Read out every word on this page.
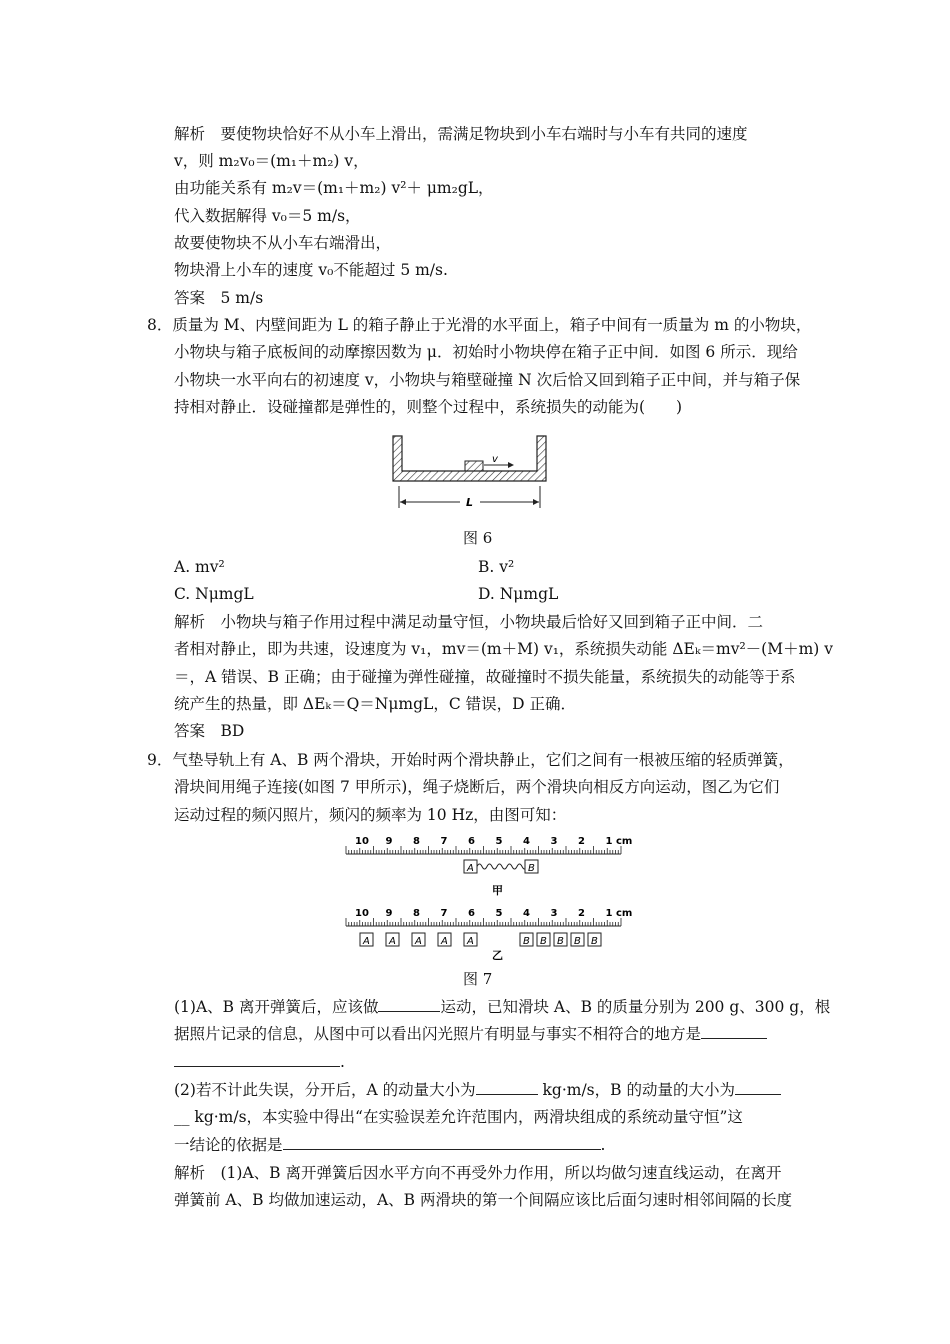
解析　要使物块恰好不从小车上滑出，需满足物块到小车右端时与小车有共同的速度
v，则 m₂v₀＝(m₁＋m₂) v，
由功能关系有 m₂v＝(m₁＋m₂) v²＋ μm₂gL，
代入数据解得 v₀＝5 m/s，
故要使物块不从小车右端滑出，
物块滑上小车的速度 v₀不能超过 5 m/s.
答案　5 m/s
8．质量为 M、内壁间距为 L 的箱子静止于光滑的水平面上，箱子中间有一质量为 m 的小物块，
小物块与箱子底板间的动摩擦因数为 μ．初始时小物块停在箱子正中间．如图 6 所示．现给
小物块一水平向右的初速度 v，小物块与箱壁碰撞 N 次后恰又回到箱子正中间，并与箱子保
持相对静止．设碰撞都是弹性的，则整个过程中，系统损失的动能为(　　)
v
L
图 6
A. mv²	B. v²
C. NμmgL	D. NμmgL
解析　小物块与箱子作用过程中满足动量守恒，小物块最后恰好又回到箱子正中间．二
者相对静止，即为共速，设速度为 v₁，mv＝(m＋M) v₁，系统损失动能 ΔEₖ＝mv²－(M＋m) v
＝，A 错误、B 正确；由于碰撞为弹性碰撞，故碰撞时不损失能量，系统损失的动能等于系
统产生的热量，即 ΔEₖ＝Q＝NμmgL，C 错误，D 正确．
答案　BD
9．气垫导轨上有 A、B 两个滑块，开始时两个滑块静止，它们之间有一根被压缩的轻质弹簧，
滑块间用绳子连接(如图 7 甲所示)，绳子烧断后，两个滑块向相反方向运动，图乙为它们
运动过程的频闪照片，频闪的频率为 10 Hz，由图可知：
10 9 8 7 6 5 4 3 2 1 cm
10 9 8 7 6 5 4 3 2 1 cm
A	B
甲
A A A A A	B B B B B
乙
图 7
(1)A、B 离开弹簧后，应该做	运动，已知滑块 A、B 的质量分别为 200 g、300 g，根
据照片记录的信息，从图中可以看出闪光照片有明显与事实不相符合的地方是
.
(2)若不计此失误，分开后，A 的动量大小为	kg·m/s，B 的动量的大小为
__ kg·m/s，本实验中得出“在实验误差允许范围内，两滑块组成的系统动量守恒”这
一结论的依据是	.
解析　(1)A、B 离开弹簧后因水平方向不再受外力作用，所以均做匀速直线运动，在离开
弹簧前 A、B 均做加速运动，A、B 两滑块的第一个间隔应该比后面匀速时相邻间隔的长度
